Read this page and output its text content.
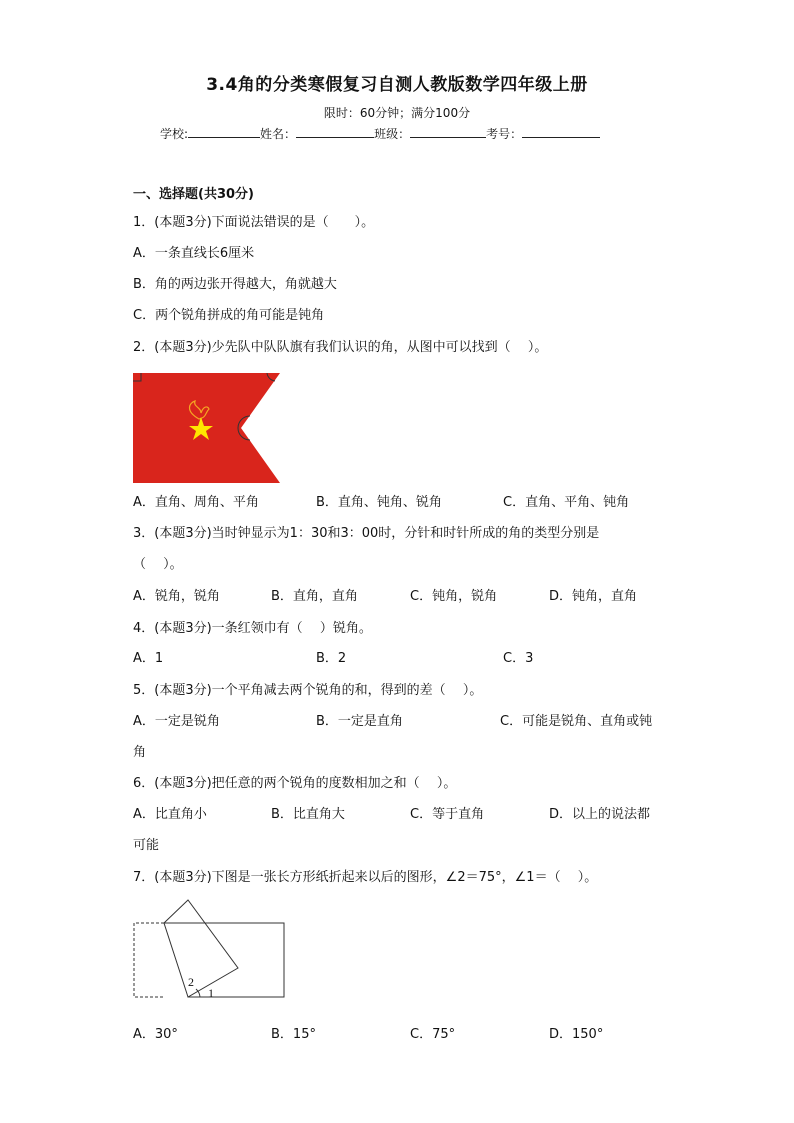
3.4角的分类寒假复习自测人教版数学四年级上册
限时：60分钟；满分100分
学校:	姓名：	班级：	考号：
一、选择题(共30分)
1．(本题3分)下面说法错误的是（　　）。
A．一条直线长6厘米
B．角的两边张开得越大，角就越大
C．两个锐角拼成的角可能是钝角
2．(本题3分)少先队中队队旗有我们认识的角，从图中可以找到（　 ）。
A．直角、周角、平角	B．直角、钝角、锐角	C．直角、平角、钝角
3．(本题3分)当时钟显示为1：30和3：00时，分针和时针所成的角的类型分别是
（　 ）。
A．锐角，锐角	B．直角，直角	C．钝角，锐角	D．钝角，直角
4．(本题3分)一条红领巾有（　 ）锐角。
A．1	B．2	C．3
5．(本题3分)一个平角减去两个锐角的和，得到的差（　 ）。
A．一定是锐角	B．一定是直角	C．可能是锐角、直角或钝
角
6．(本题3分)把任意的两个锐角的度数相加之和（　 ）。
A．比直角小	B．比直角大	C．等于直角	D．以上的说法都
可能
7．(本题3分)下图是一张长方形纸折起来以后的图形，∠2＝75°，∠1＝（　 ）。
2
1
A．30°	B．15°	C．75°	D．150°
